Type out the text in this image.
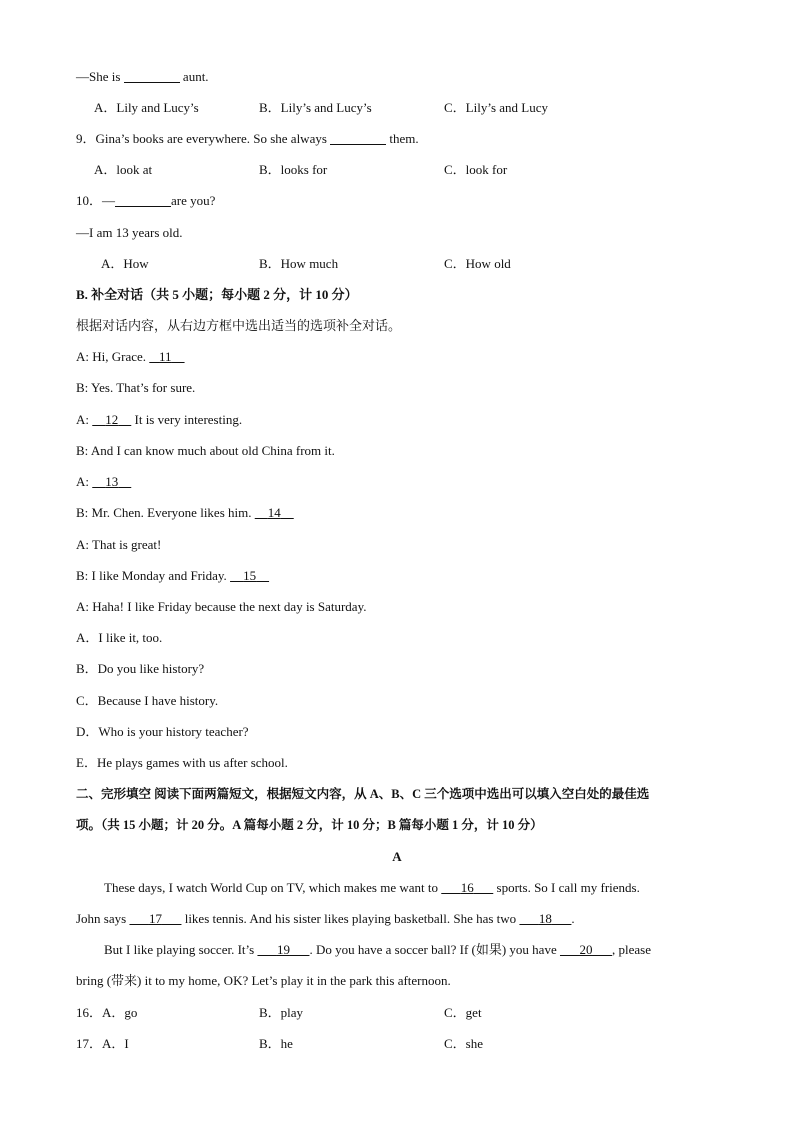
—She is	aunt.
A．Lily and Lucy’s	B．Lily’s and Lucy’s	C．Lily’s and Lucy
9．Gina’s books are everywhere. So she always	them.
A．look at	B．looks for	C．look for
10．—	are you?
—I am 13 years old.
A．How	B．How much	C．How old
B. 补全对话（共 5 小题；每小题 2 分，计 10 分）
根据对话内容，从右边方框中选出适当的选项补全对话。
A: Hi, Grace. 11
B: Yes. That’s for sure.
A: 12 It is very interesting.
B: And I can know much about old China from it.
A: 13
B: Mr. Chen. Everyone likes him. 14
A: That is great!
B: I like Monday and Friday. 15
A: Haha! I like Friday because the next day is Saturday.
A．I like it, too.
B．Do you like history?
C．Because I have history.
D．Who is your history teacher?
E．He plays games with us after school.
二、完形填空 阅读下面两篇短文，根据短文内容，从 A、B、C 三个选项中选出可以填入空白处的最佳选
项。（共 15 小题；计 20 分。A 篇每小题 2 分，计 10 分；B 篇每小题 1 分，计 10 分）
A
These days, I watch World Cup on TV, which makes me want to 16 sports. So I call my friends.
John says 17 likes tennis. And his sister likes playing basketball. She has two 18 .
But I like playing soccer. It’s 19 . Do you have a soccer ball? If (如果) you have 20 , please
bring (带来) it to my home, OK? Let’s play it in the park this afternoon.
16．A．go	B．play	C．get
17．A．I	B．he	C．she
